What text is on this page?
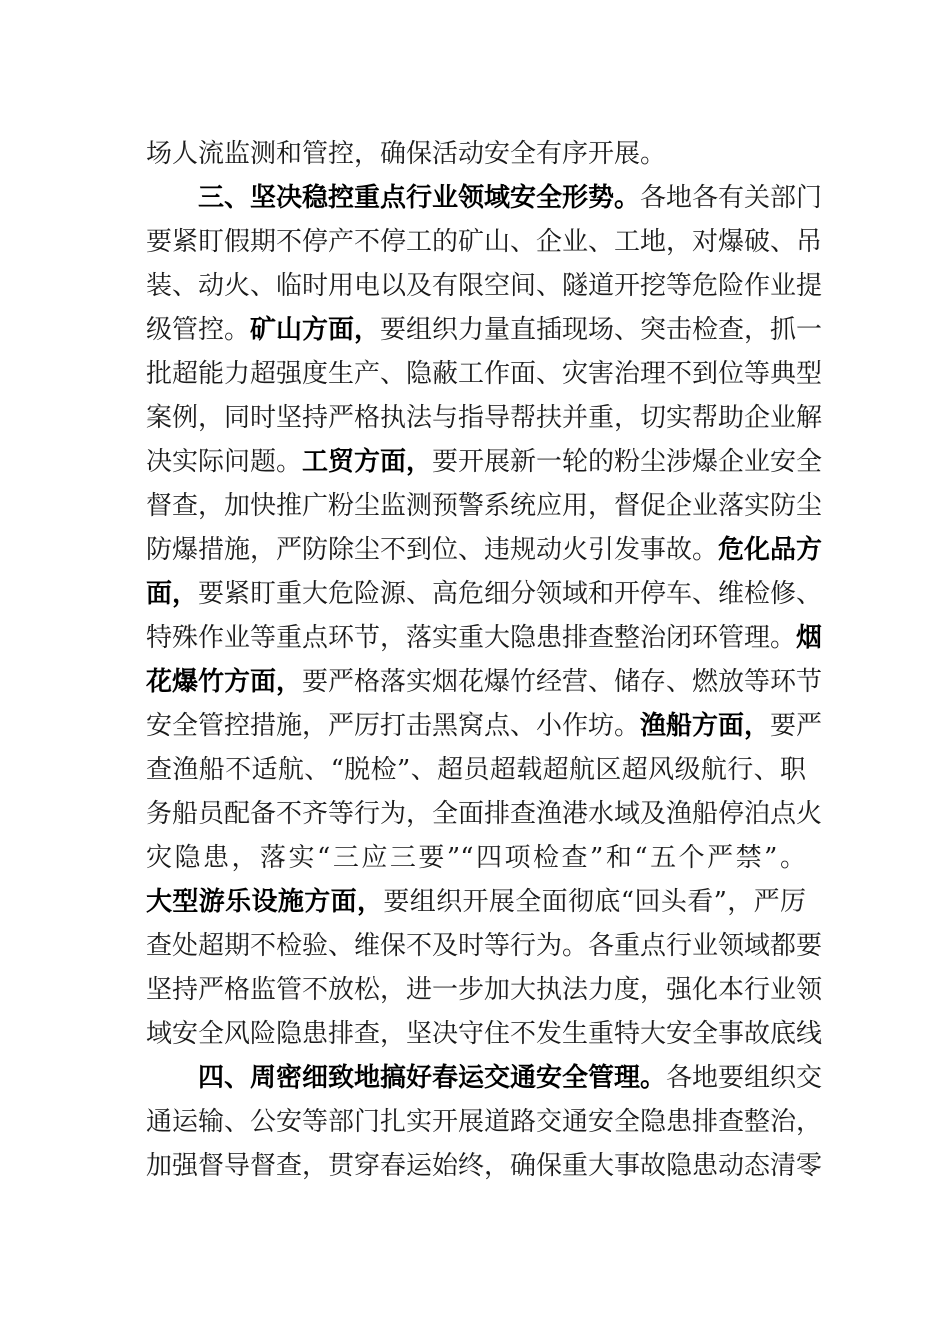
场人流监测和管控，确保活动安全有序开展。
三、坚决稳控重点行业领域安全形势。各地各有关部门
要紧盯假期不停产不停工的矿山、企业、工地，对爆破、吊
装、动火、临时用电以及有限空间、隧道开挖等危险作业提
级管控。矿山方面，要组织力量直插现场、突击检查，抓一
批超能力超强度生产、隐蔽工作面、灾害治理不到位等典型
案例，同时坚持严格执法与指导帮扶并重，切实帮助企业解
决实际问题。工贸方面，要开展新一轮的粉尘涉爆企业安全
督查，加快推广粉尘监测预警系统应用，督促企业落实防尘
防爆措施，严防除尘不到位、违规动火引发事故。危化品方
面，要紧盯重大危险源、高危细分领域和开停车、维检修、
特殊作业等重点环节，落实重大隐患排查整治闭环管理。烟
花爆竹方面，要严格落实烟花爆竹经营、储存、燃放等环节
安全管控措施，严厉打击黑窝点、小作坊。渔船方面，要严
查渔船不适航、“脱检”、超员超载超航区超风级航行、职
务船员配备不齐等行为，全面排查渔港水域及渔船停泊点火
灾隐患，落实“三应三要”“四项检查”和“五个严禁”。
大型游乐设施方面，要组织开展全面彻底“回头看”，严厉
查处超期不检验、维保不及时等行为。各重点行业领域都要
坚持严格监管不放松，进一步加大执法力度，强化本行业领
域安全风险隐患排查，坚决守住不发生重特大安全事故底线
四、周密细致地搞好春运交通安全管理。各地要组织交
通运输、公安等部门扎实开展道路交通安全隐患排查整治，
加强督导督查，贯穿春运始终，确保重大事故隐患动态清零
